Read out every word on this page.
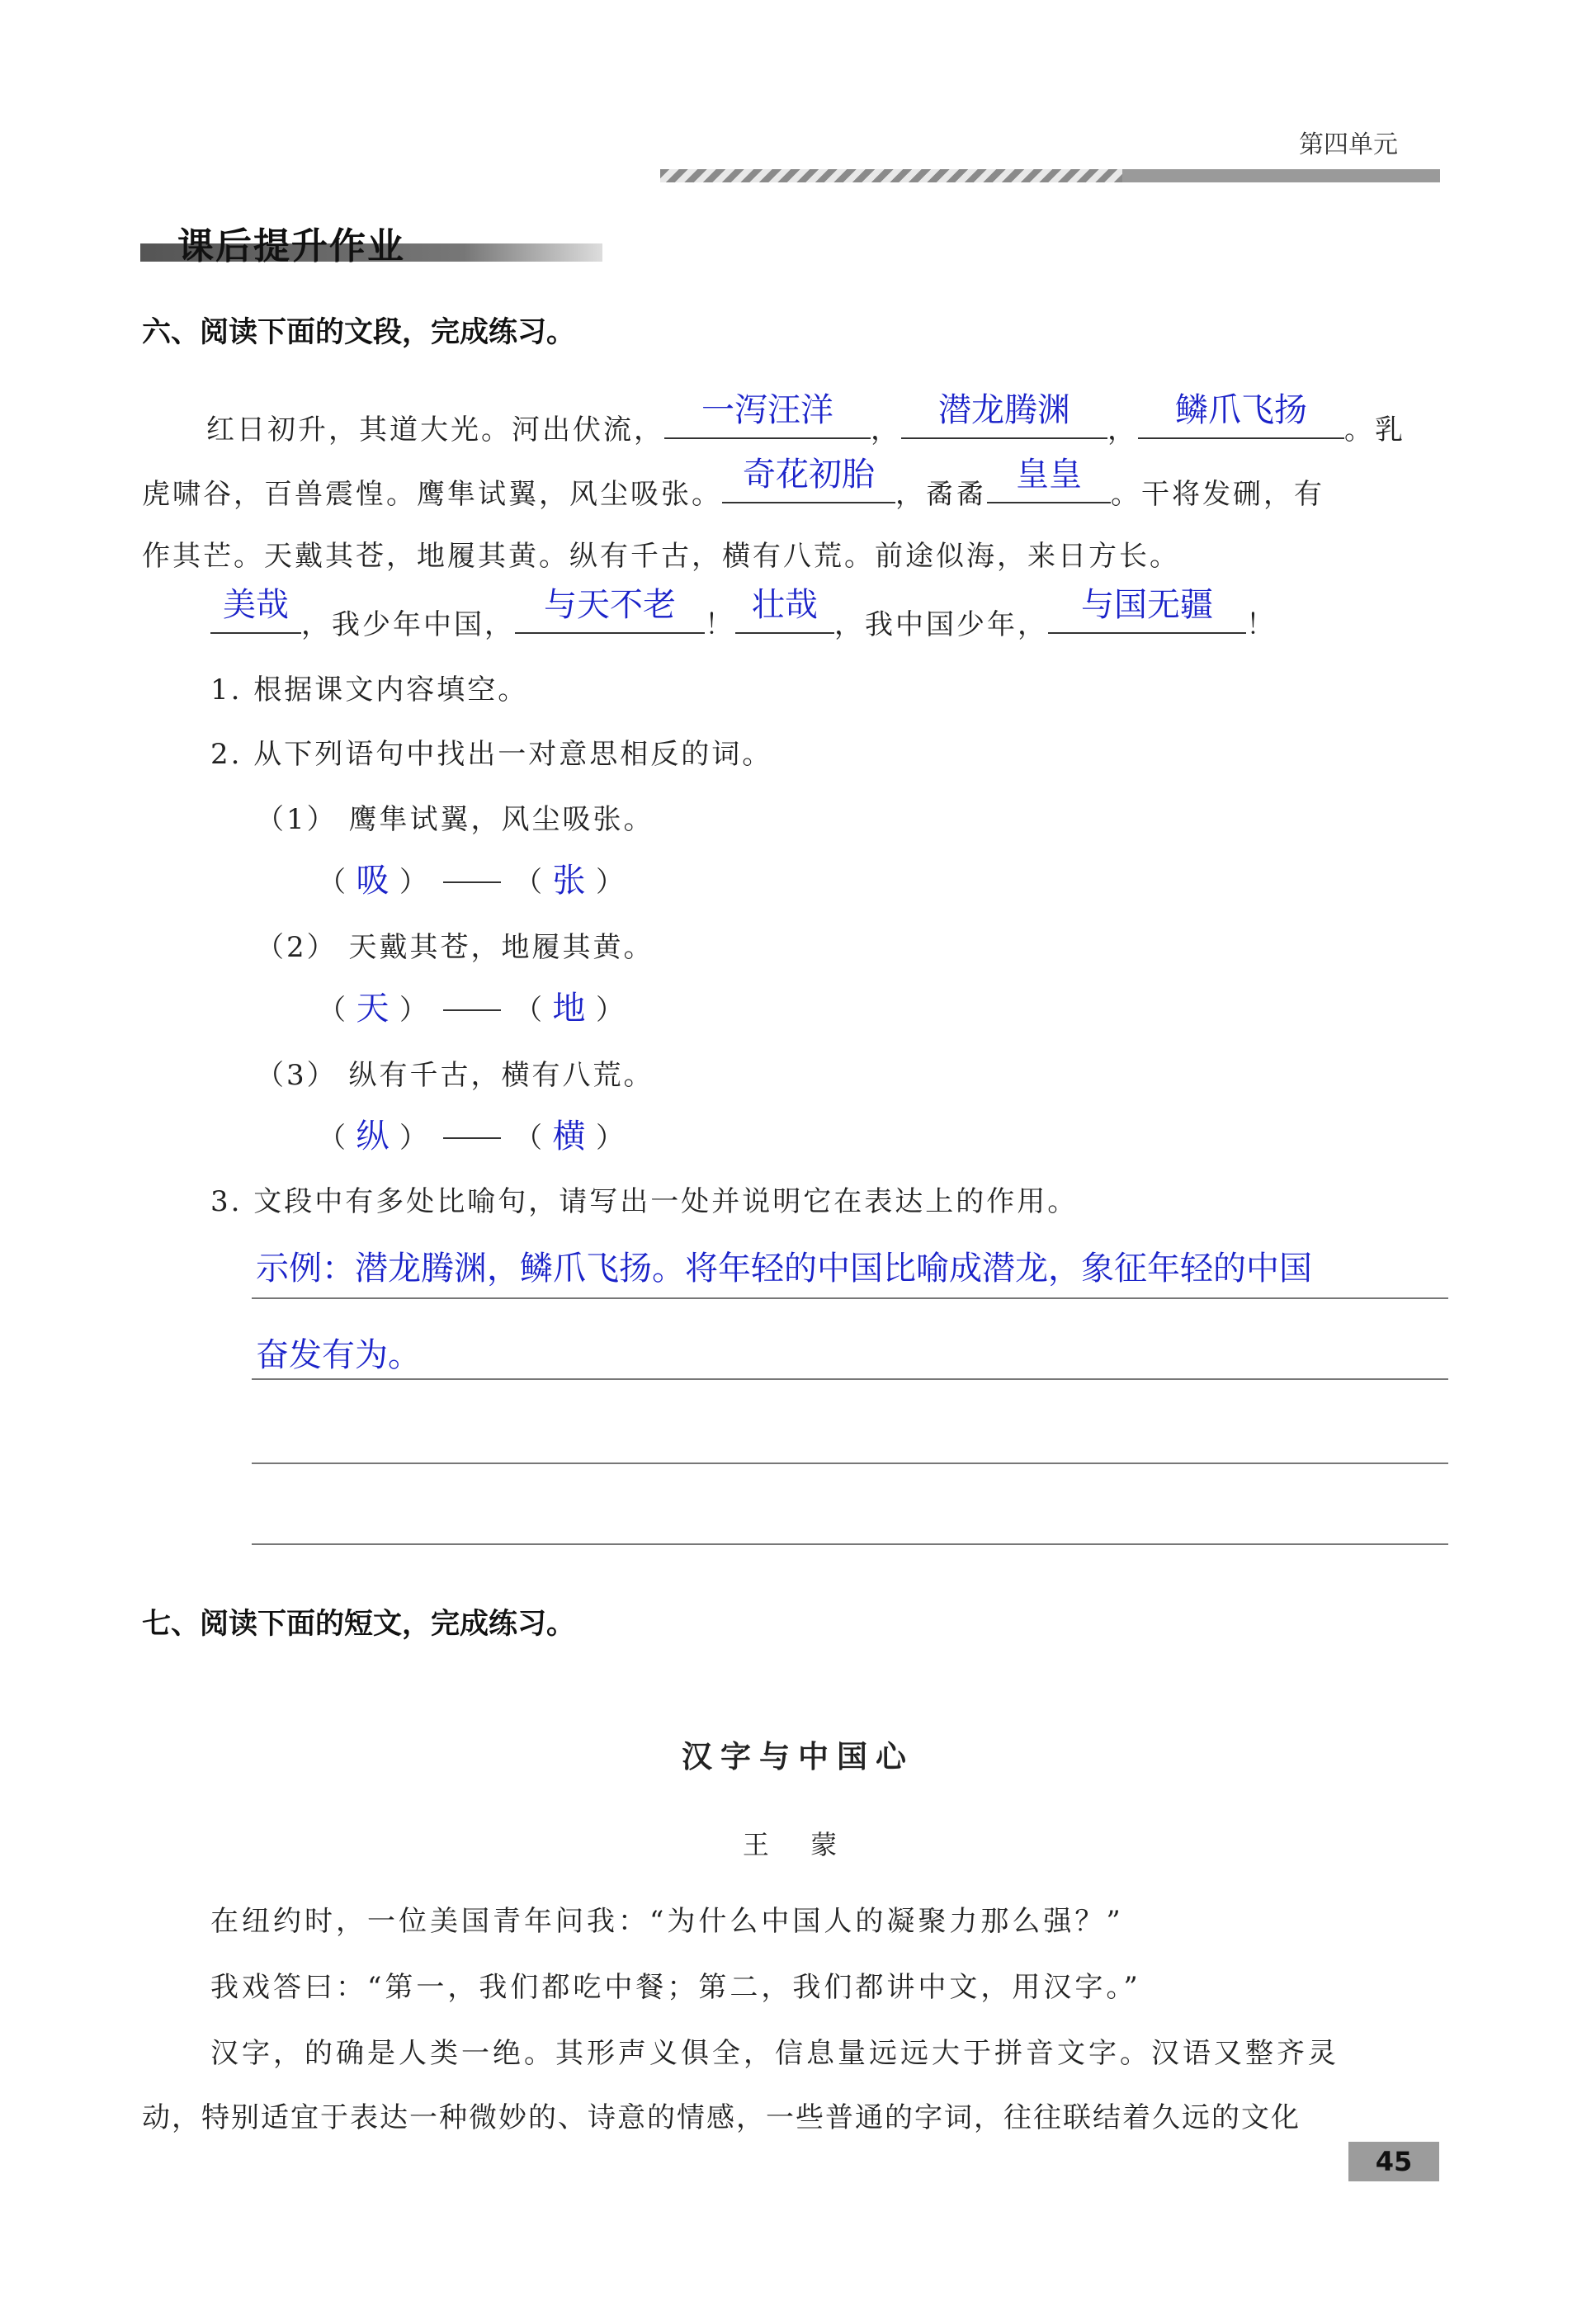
第四单元
课后提升作业
六、阅读下面的文段，完成练习。
红日初升，其道大光。河出伏流，
一泻汪洋
，
潜龙腾渊
，
鳞爪飞扬
。乳
虎啸谷，百兽震惶。鹰隼试翼，风尘吸张。
奇花初胎
，矞矞
皇皇
。干将发硎，有
作其芒。天戴其苍，地履其黄。纵有千古，横有八荒。前途似海，来日方长。
美哉
，我少年中国，
与天不老
！
壮哉
，我中国少年，
与国无疆
！
1. 根据课文内容填空。
2. 从下列语句中找出一对意思相反的词。
（1） 鹰隼试翼，风尘吸张。
（ 吸 ）	（ 张 ）
（2） 天戴其苍，地履其黄。
（ 天 ）	（ 地 ）
（3） 纵有千古，横有八荒。
（ 纵 ）	（ 横 ）
3. 文段中有多处比喻句，请写出一处并说明它在表达上的作用。
示例：潜龙腾渊，鳞爪飞扬。将年轻的中国比喻成潜龙，象征年轻的中国
奋发有为。
七、阅读下面的短文，完成练习。
汉字与中国心
王 蒙
在纽约时，一位美国青年问我：“为什么中国人的凝聚力那么强？”
我戏答曰：“第一，我们都吃中餐；第二，我们都讲中文，用汉字。”
汉字，的确是人类一绝。其形声义俱全，信息量远远大于拼音文字。汉语又整齐灵
动，特别适宜于表达一种微妙的、诗意的情感，一些普通的字词，往往联结着久远的文化
45
